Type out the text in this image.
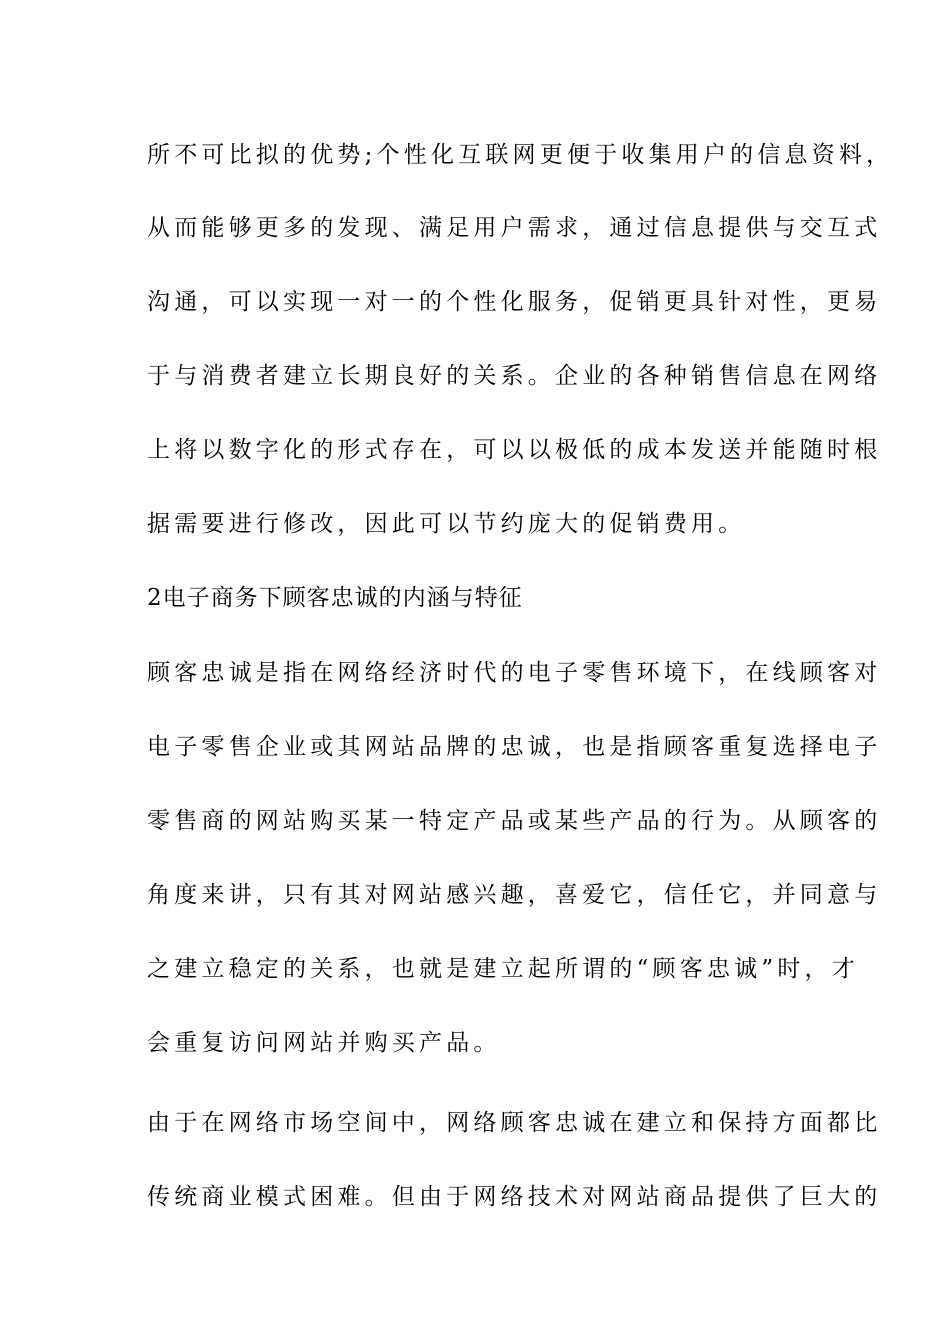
所不可比拟的优势;个性化互联网更便于收集用户的信息资料，
从而能够更多的发现、满足用户需求，通过信息提供与交互式
沟通，可以实现一对一的个性化服务，促销更具针对性，更易
于与消费者建立长期良好的关系。企业的各种销售信息在网络
上将以数字化的形式存在，可以以极低的成本发送并能随时根
据需要进行修改，因此可以节约庞大的促销费用。
2电子商务下顾客忠诚的内涵与特征
顾客忠诚是指在网络经济时代的电子零售环境下，在线顾客对
电子零售企业或其网站品牌的忠诚，也是指顾客重复选择电子
零售商的网站购买某一特定产品或某些产品的行为。从顾客的
角度来讲，只有其对网站感兴趣，喜爱它，信任它，并同意与
之建立稳定的关系，也就是建立起所谓的“顾客忠诚”时，才
会重复访问网站并购买产品。
由于在网络市场空间中，网络顾客忠诚在建立和保持方面都比
传统商业模式困难。但由于网络技术对网站商品提供了巨大的
